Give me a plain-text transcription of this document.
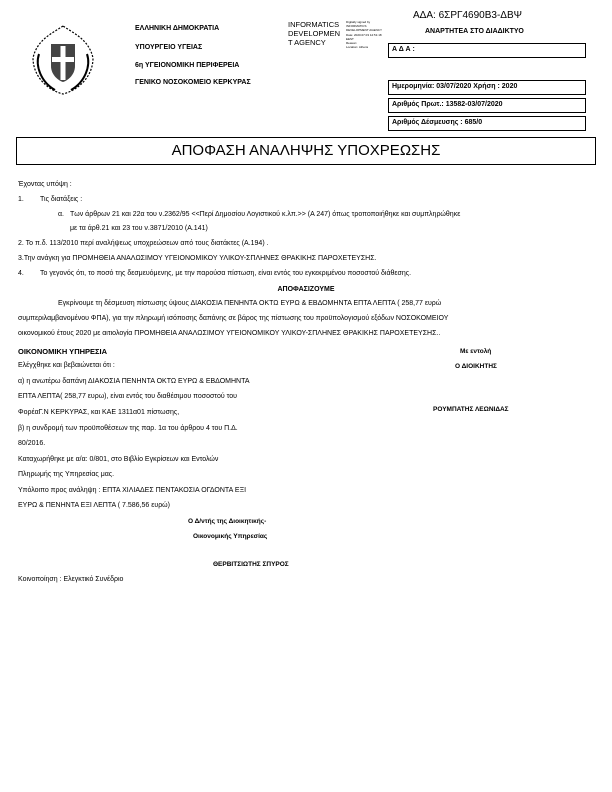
ΕΛΛΗΝΙΚΗ ΔΗΜΟΚΡΑΤΙΑ
ΥΠΟΥΡΓΕΙΟ ΥΓΕΙΑΣ
6η ΥΓΕΙΟΝΟΜΙΚΗ ΠΕΡΙΦΕΡΕΙΑ
ΓΕΝΙΚΟ ΝΟΣΟΚΟΜΕΙΟ ΚΕΡΚΥΡΑΣ
INFORMATICS
DEVELOPMEN
T AGENCY
Digitally signed by
INFORMATICS
DEVELOPMENT AGENCY
Date: 2020.07.03 12:51:18
EEST
Reason:
Location: Athens
ΑΔΑ: 6ΣΡΓ4690Β3-ΔΒΨ
ΑΝΑΡΤΗΤΕΑ ΣΤΟ ΔΙΑΔΙΚΤΥΟ
Α Δ Α :
Ημερομηνία: 03/07/2020 Χρήση : 2020
Αριθμός Πρωτ.: 13582-03/07/2020
Αριθμός Δέσμευσης : 685/0
ΑΠΟΦΑΣΗ ΑΝΑΛΗΨΗΣ ΥΠΟΧΡΕΩΣΗΣ
Έχοντας υπόψη :
1. Τις διατάξεις :
α. Των άρθρων 21 και 22α του ν.2362/95 <<Περί Δημοσίου Λογιστικού κ.λπ.>> (Α 247) όπως τροποποιήθηκε και συμπληρώθηκε
με τα άρθ.21 και 23 του ν.3871/2010 (Α.141)
2. Το π.δ. 113/2010 περί αναλήψεως υποχρεώσεων από τους διατάκτες (Α.194) .
3.Την ανάγκη για ΠΡΟΜΗΘΕΙΑ ΑΝΑΛΩΣΙΜΟΥ ΥΓΕΙΟΝΟΜΙΚΟΥ ΥΛΙΚΟΥ-ΣΠΛΗΝΕΣ ΘΡΑΚΙΚΗΣ ΠΑΡΟΧΕΤΕΥΣΗΣ.
4. Το γεγονός ότι, το ποσό της δεσμευόμενης, με την παρούσα πίστωση, είναι εντός του εγκεκριμένου ποσοστού διάθεσης.
ΑΠΟΦΑΣΙΖΟΥΜΕ
Εγκρίνουμε τη δέσμευση πίστωσης ύψους ΔΙΑΚΟΣΙΑ ΠΕΝΗΝΤΑ ΟΚΤΩ ΕΥΡΩ & ΕΒΔΟΜΗΝΤΑ ΕΠΤΑ ΛΕΠΤΑ ( 258,77 ευρώ
συμπεριλαμβανομένου ΦΠΑ), για την πληρωμή ισόποσης δαπάνης σε βάρος της πίστωσης του προϋπολογισμού εξόδων ΝΟΣΟΚΟΜΕΙΟΥ
οικονομικού έτους 2020 με αιτιολογία ΠΡΟΜΗΘΕΙΑ ΑΝΑΛΩΣΙΜΟΥ ΥΓΕΙΟΝΟΜΙΚΟΥ ΥΛΙΚΟΥ-ΣΠΛΗΝΕΣ ΘΡΑΚΙΚΗΣ ΠΑΡΟΧΕΤΕΥΣΗΣ..
ΟΙΚΟΝΟΜΙΚΗ ΥΠΗΡΕΣΙΑ
Ελέγχθηκε και βεβαιώνεται ότι :
α) η ανωτέρω δαπάνη ΔΙΑΚΟΣΙΑ ΠΕΝΗΝΤΑ ΟΚΤΩ ΕΥΡΩ & ΕΒΔΟΜΗΝΤΑ
ΕΠΤΑ ΛΕΠΤΑ( 258,77 ευρω), είναι εντός του διαθέσιμου ποσοστού του
ΦορέαΓ.Ν ΚΕΡΚΥΡΑΣ, και ΚΑΕ 1311α01 πίστωσης,
β) η συνδρομή των προϋποθέσεων της παρ. 1α του άρθρου 4 του Π.Δ.
80/2016.
Καταχωρήθηκε με α/α: 0/801, στο Βιβλίο Εγκρίσεων και Εντολών
Πληρωμής της Υπηρεσίας μας.
Υπόλοιπο προς ανάληψη : ΕΠΤΑ ΧΙΛΙΑΔΕΣ ΠΕΝΤΑΚΟΣΙΑ ΟΓΔΟΝΤΑ ΕΞΙ
ΕΥΡΩ & ΠΕΝΗΝΤΑ ΕΞΙ ΛΕΠΤΑ ( 7.586,56 ευρώ)
Ο Δ/ντής της Διοικητικής-
Οικονομικής Υπηρεσίας
ΘΕΡΒΙΤΣΙΩΤΗΣ ΣΠΥΡΟΣ
Με εντολή
Ο ΔΙΟΙΚΗΤΗΣ
ΡΟΥΜΠΑΤΗΣ ΛΕΩΝΙΔΑΣ
Κοινοποίηση : Ελεγκτικό Συνέδριο
